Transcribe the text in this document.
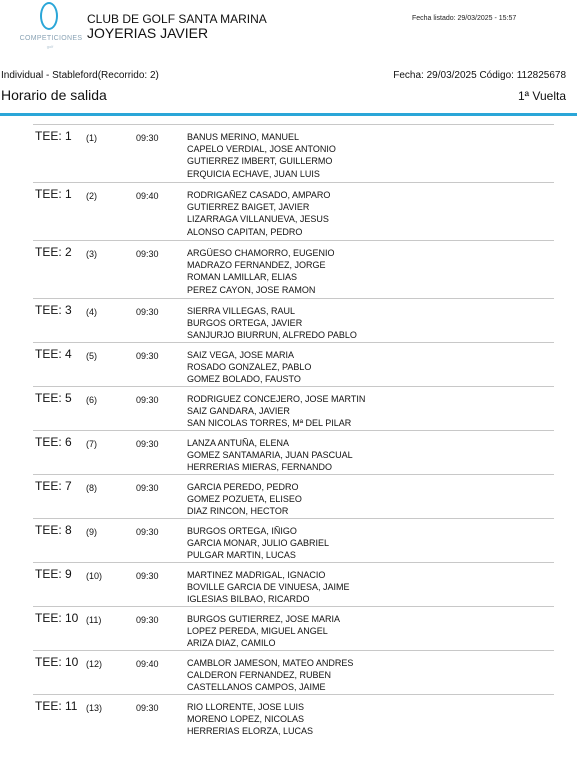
COMPETICIONES
golf
CLUB DE GOLF SANTA MARINA
JOYERIAS JAVIER
Fecha listado: 29/03/2025 - 15:57
Individual - Stableford(Recorrido: 2)	Fecha: 29/03/2025 Código: 112825678
Horario de salida	1ª Vuelta
TEE: 1 (1)	09:30	BANUS MERINO, MANUEL
CAPELO VERDIAL, JOSE ANTONIO
GUTIERREZ IMBERT, GUILLERMO
ERQUICIA ECHAVE, JUAN LUIS
TEE: 1 (2)	09:40	RODRIGAÑEZ CASADO, AMPARO
GUTIERREZ BAIGET, JAVIER
LIZARRAGA VILLANUEVA, JESUS
ALONSO CAPITAN, PEDRO
TEE: 2 (3)	09:30	ARGÜESO CHAMORRO, EUGENIO
MADRAZO FERNANDEZ, JORGE
ROMAN LAMILLAR, ELIAS
PEREZ CAYON, JOSE RAMON
TEE: 3 (4)	09:30	SIERRA VILLEGAS, RAUL
BURGOS ORTEGA, JAVIER
SANJURJO BIURRUN, ALFREDO PABLO
TEE: 4 (5)	09:30	SAIZ VEGA, JOSE MARIA
ROSADO GONZALEZ, PABLO
GOMEZ BOLADO, FAUSTO
TEE: 5 (6)	09:30	RODRIGUEZ CONCEJERO, JOSE MARTIN
SAIZ GANDARA, JAVIER
SAN NICOLAS TORRES, Mª DEL PILAR
TEE: 6 (7)	09:30	LANZA ANTUÑA, ELENA
GOMEZ SANTAMARIA, JUAN PASCUAL
HERRERIAS MIERAS, FERNANDO
TEE: 7 (8)	09:30	GARCIA PEREDO, PEDRO
GOMEZ POZUETA, ELISEO
DIAZ RINCON, HECTOR
TEE: 8 (9)	09:30	BURGOS ORTEGA, IÑIGO
GARCIA MONAR, JULIO GABRIEL
PULGAR MARTIN, LUCAS
TEE: 9 (10)	09:30	MARTINEZ MADRIGAL, IGNACIO
BOVILLE GARCIA DE VINUESA, JAIME
IGLESIAS BILBAO, RICARDO
TEE: 10 (11)	09:30	BURGOS GUTIERREZ, JOSE MARIA
LOPEZ PEREDA, MIGUEL ANGEL
ARIZA DIAZ, CAMILO
TEE: 10 (12)	09:40	CAMBLOR JAMESON, MATEO ANDRES
CALDERON FERNANDEZ, RUBEN
CASTELLANOS CAMPOS, JAIME
TEE: 11 (13)	09:30	RIO LLORENTE, JOSE LUIS
MORENO LOPEZ, NICOLAS
HERRERIAS ELORZA, LUCAS
